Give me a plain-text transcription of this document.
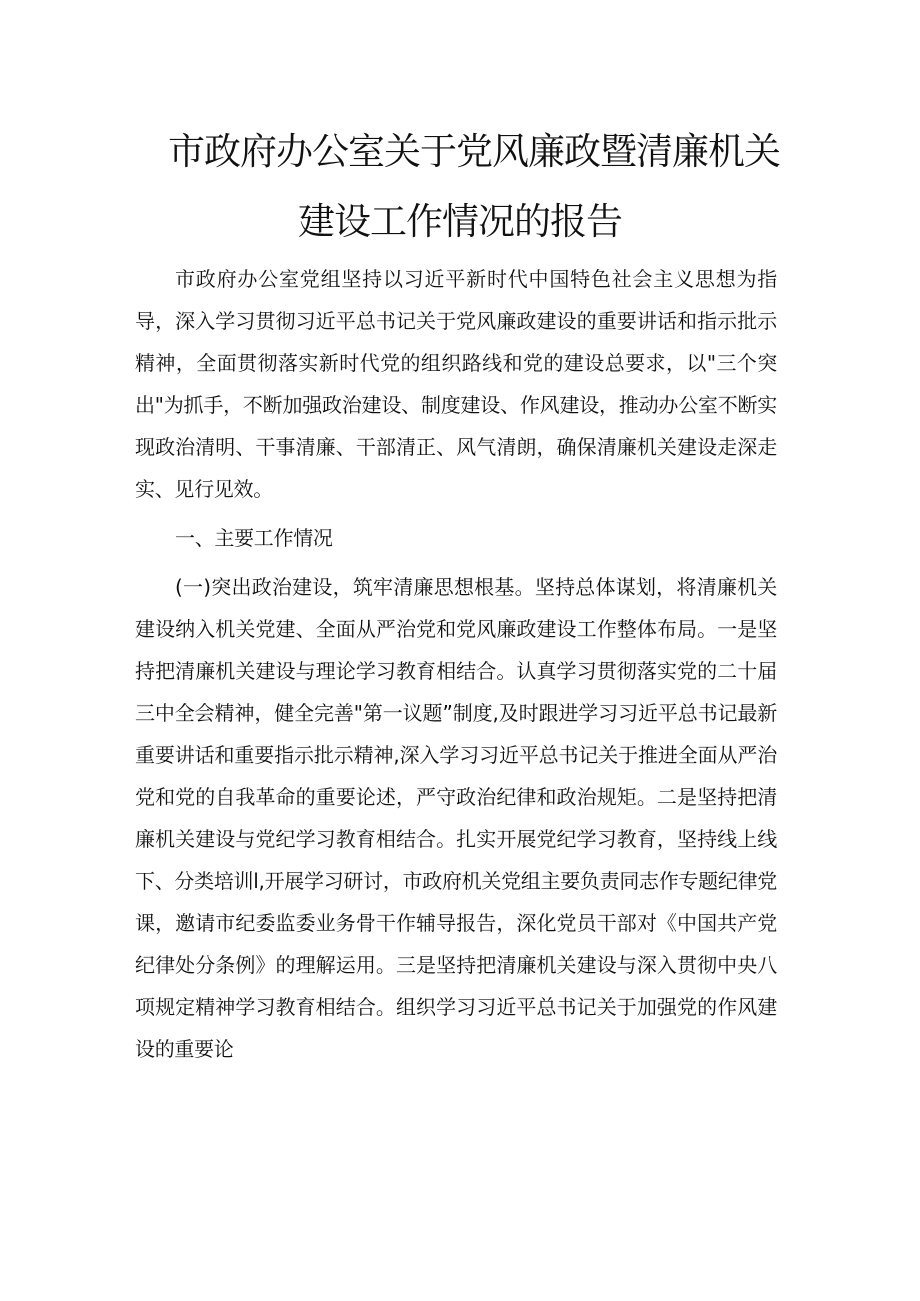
市政府办公室关于党风廉政暨清廉机关
建设工作情况的报告

市政府办公室党组坚持以习近平新时代中国特色社会主义思想为指导，深入学习贯彻习近平总书记关于党风廉政建设的重要讲话和指示批示精神，全面贯彻落实新时代党的组织路线和党的建设总要求，以"三个突出"为抓手，不断加强政治建设、制度建设、作风建设，推动办公室不断实现政治清明、干事清廉、干部清正、风气清朗，确保清廉机关建设走深走实、见行见效。

一、主要工作情况

(一)突出政治建设，筑牢清廉思想根基。坚持总体谋划，将清廉机关建设纳入机关党建、全面从严治党和党风廉政建设工作整体布局。一是坚持把清廉机关建设与理论学习教育相结合。认真学习贯彻落实党的二十届三中全会精神，健全完善"第一议题”制度,及时跟进学习习近平总书记最新重要讲话和重要指示批示精神,深入学习习近平总书记关于推进全面从严治党和党的自我革命的重要论述，严守政治纪律和政治规矩。二是坚持把清廉机关建设与党纪学习教育相结合。扎实开展党纪学习教育，坚持线上线下、分类培训l,开展学习研讨，市政府机关党组主要负责同志作专题纪律党课，邀请市纪委监委业务骨干作辅导报告，深化党员干部对《中国共产党纪律处分条例》的理解运用。三是坚持把清廉机关建设与深入贯彻中央八项规定精神学习教育相结合。组织学习习近平总书记关于加强党的作风建设的重要论
